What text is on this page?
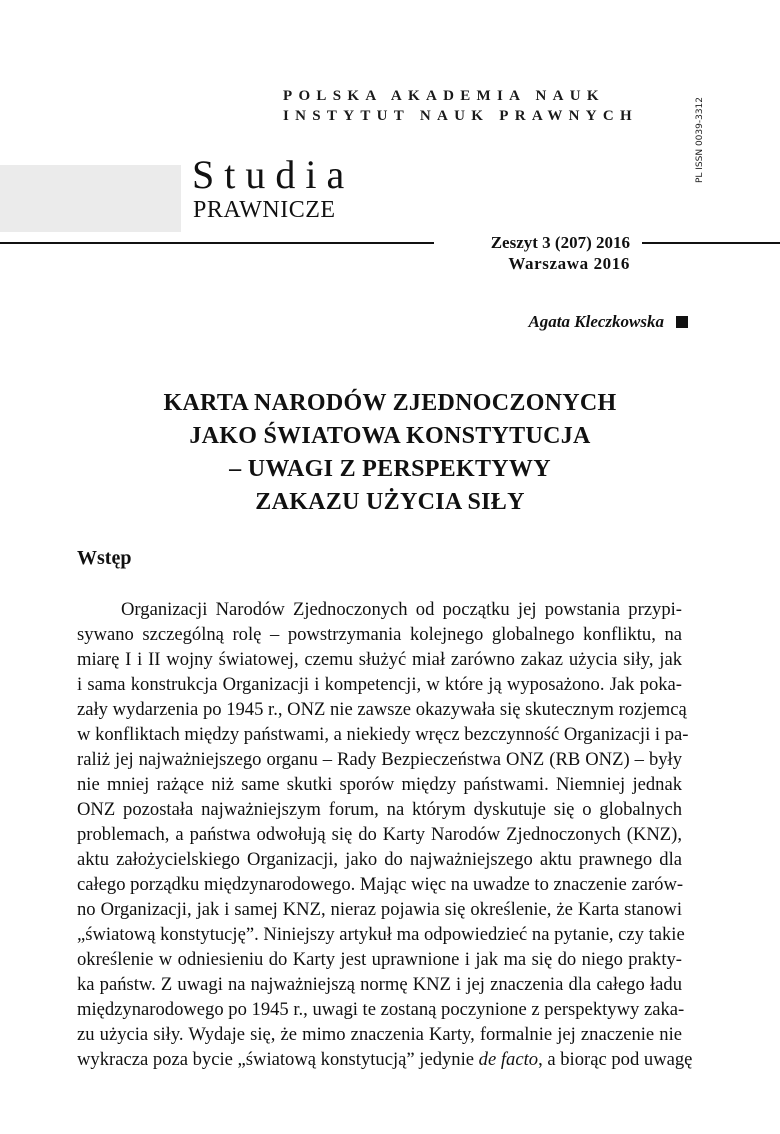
POLSKA AKADEMIA NAUK
INSTYTUT NAUK PRAWNYCH	PL ISSN 0039-3312
Studia
PRAWNICZE
Zeszyt 3 (207) 2016
Warszawa 2016
Agata Kleczkowska
KARTA NARODÓW ZJEDNOCZONYCH
JAKO ŚWIATOWA KONSTYTUCJA
– UWAGI Z PERSPEKTYWY
ZAKAZU UŻYCIA SIŁY
Wstęp
Organizacji Narodów Zjednoczonych od początku jej powstania przypi-
sywano szczególną rolę – powstrzymania kolejnego globalnego konfliktu, na
miarę I i II wojny światowej, czemu służyć miał zarówno zakaz użycia siły, jak
i sama konstrukcja Organizacji i kompetencji, w które ją wyposażono. Jak poka-
zały wydarzenia po 1945 r., ONZ nie zawsze okazywała się skutecznym rozjemcą
w konfliktach między państwami, a niekiedy wręcz bezczynność Organizacji i pa-
raliż jej najważniejszego organu – Rady Bezpieczeństwa ONZ (RB ONZ) – były
nie mniej rażące niż same skutki sporów między państwami. Niemniej jednak
ONZ pozostała najważniejszym forum, na którym dyskutuje się o globalnych
problemach, a państwa odwołują się do Karty Narodów Zjednoczonych (KNZ),
aktu założycielskiego Organizacji, jako do najważniejszego aktu prawnego dla
całego porządku międzynarodowego. Mając więc na uwadze to znaczenie zarów-
no Organizacji, jak i samej KNZ, nieraz pojawia się określenie, że Karta stanowi
„światową konstytucję”. Niniejszy artykuł ma odpowiedzieć na pytanie, czy takie
określenie w odniesieniu do Karty jest uprawnione i jak ma się do niego prakty-
ka państw. Z uwagi na najważniejszą normę KNZ i jej znaczenia dla całego ładu
międzynarodowego po 1945 r., uwagi te zostaną poczynione z perspektywy zaka-
zu użycia siły. Wydaje się, że mimo znaczenia Karty, formalnie jej znaczenie nie
wykracza poza bycie „światową konstytucją” jedynie de facto, a biorąc pod uwagę
